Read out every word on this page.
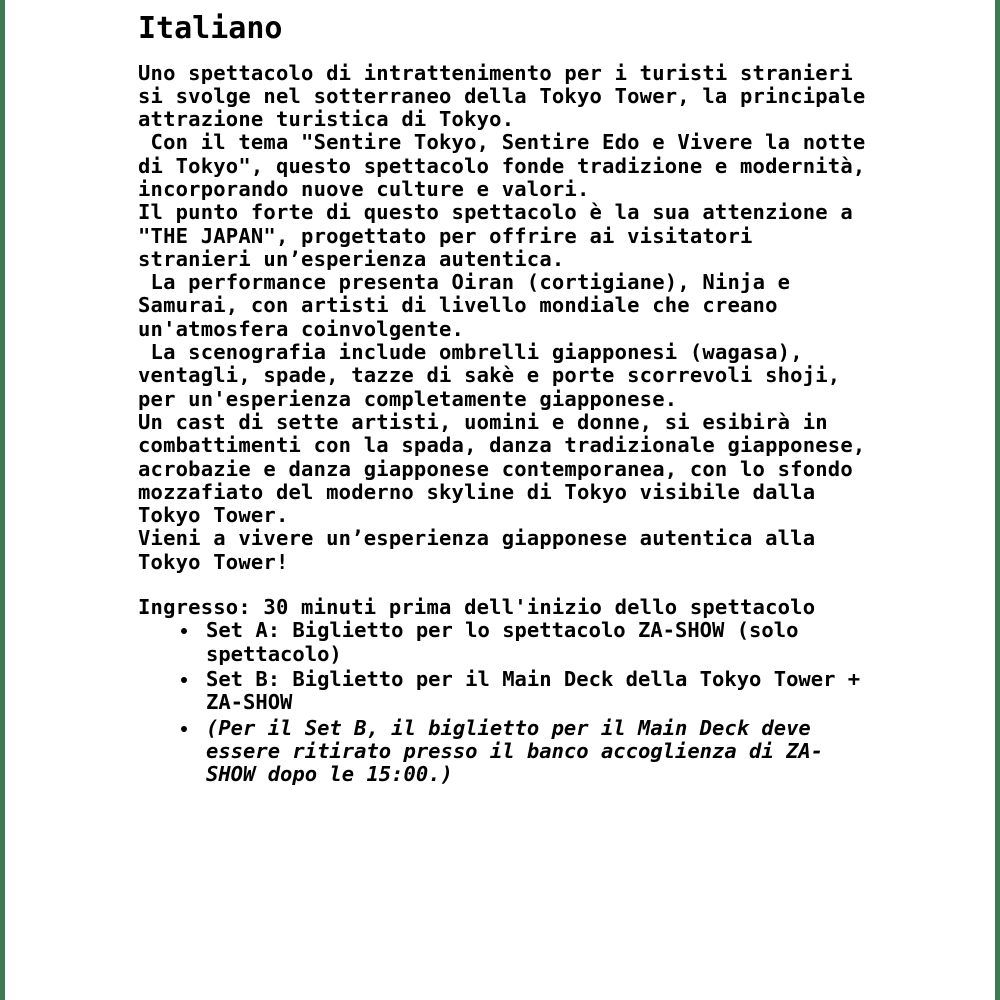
Italiano

Uno spettacolo di intrattenimento per i turisti stranieri si svolge nel sotterraneo della Tokyo Tower, la principale attrazione turistica di Tokyo.

Con il tema "Sentire Tokyo, Sentire Edo e Vivere la notte di Tokyo", questo spettacolo fonde tradizione e modernità, incorporando nuove culture e valori.

Il punto forte di questo spettacolo è la sua attenzione a "THE JAPAN", progettato per offrire ai visitatori stranieri un’esperienza autentica.

La performance presenta Oiran (cortigiane), Ninja e Samurai, con artisti di livello mondiale che creano un'atmosfera coinvolgente.

La scenografia include ombrelli giapponesi (wagasa), ventagli, spade, tazze di sakè e porte scorrevoli shoji, per un'esperienza completamente giapponese.

Un cast di sette artisti, uomini e donne, si esibirà in combattimenti con la spada, danza tradizionale giapponese, acrobazie e danza giapponese contemporanea, con lo sfondo mozzafiato del moderno skyline di Tokyo visibile dalla Tokyo Tower.

Vieni a vivere un’esperienza giapponese autentica alla Tokyo Tower!

Ingresso: 30 minuti prima dell'inizio dello spettacolo

• Set A: Biglietto per lo spettacolo ZA-SHOW (solo spettacolo)
• Set B: Biglietto per il Main Deck della Tokyo Tower + ZA-SHOW
• (Per il Set B, il biglietto per il Main Deck deve essere ritirato presso il banco accoglienza di ZA-SHOW dopo le 15:00.)
